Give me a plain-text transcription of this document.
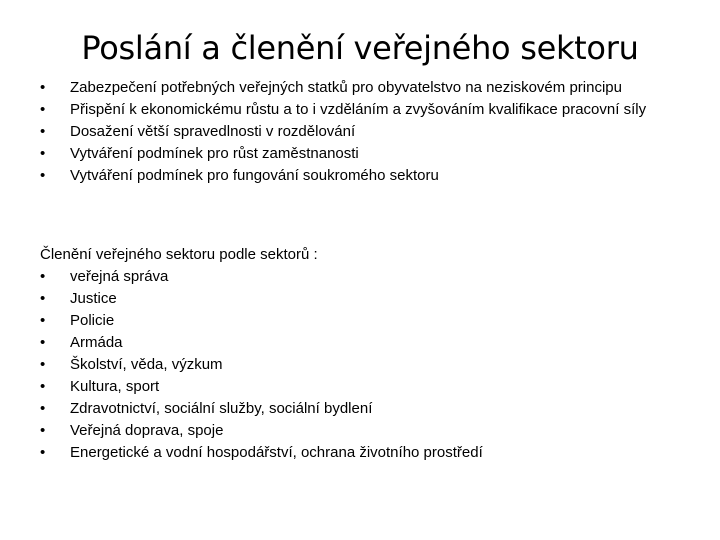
Poslání a členění veřejného sektoru
•	Zabezpečení potřebných veřejných statků pro obyvatelstvo na neziskovém principu
•	Přispění k ekonomickému růstu a to i vzděláním a zvyšováním kvalifikace pracovní síly
•	Dosažení větší spravedlnosti v rozdělování
•	Vytváření podmínek pro růst zaměstnanosti
•	Vytváření podmínek pro fungování soukromého sektoru

Členění veřejného sektoru podle sektorů :

•	veřejná správa
•	Justice
•	Policie
•	Armáda
•	Školství, věda, výzkum
•	Kultura, sport
•	Zdravotnictví, sociální služby, sociální bydlení
•	Veřejná doprava, spoje
•	Energetické a vodní hospodářství, ochrana životního prostředí
